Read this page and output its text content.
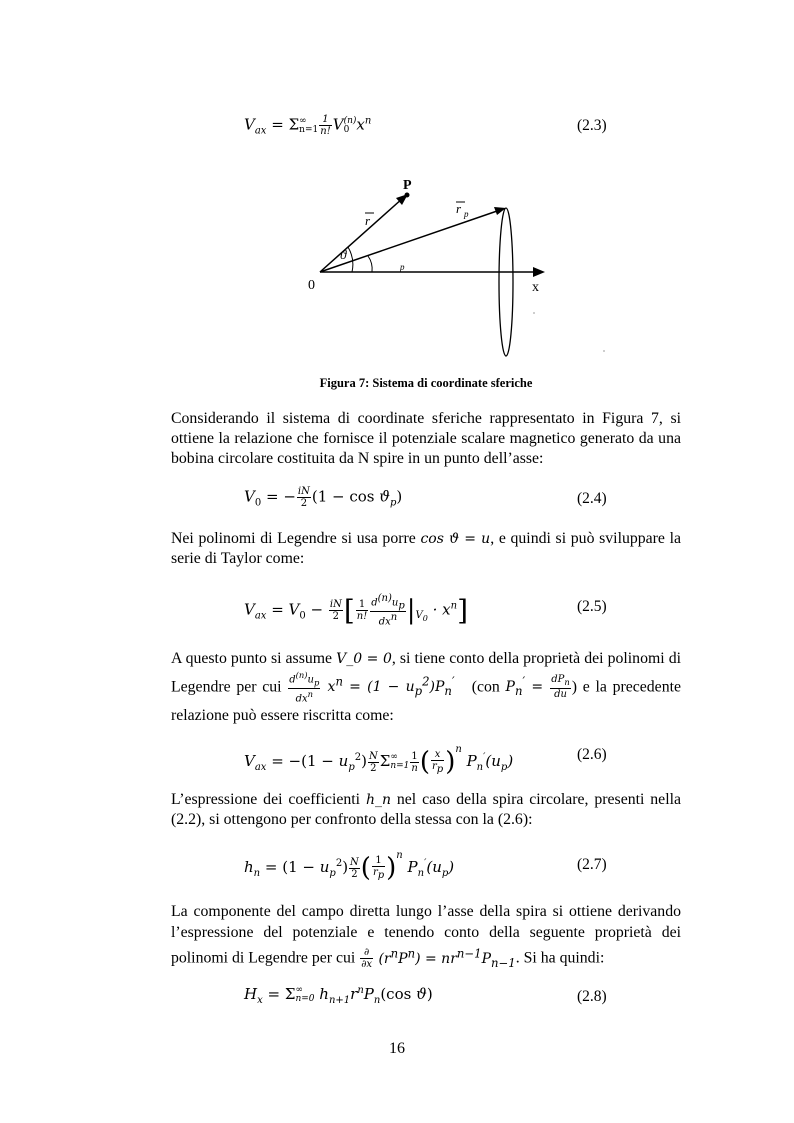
$V_{ax} = \Sigma$ ∞
$n=1 \frac{1}{n!}$ V (n)
0 $x^n$	(2.3)
P
r
r p
ϑ
p
0	x
Figura 7: Sistema di coordinate sferiche
Considerando il sistema di coordinate sferiche rappresentato in Figura 7, si ottiene la relazione che fornisce il potenziale scalare magnetico generato da una bobina circolare costituita da N spire in un punto dell’asse:
$V_0$ = − $\frac{iN}{2} (1 - \cos ϑ_p)$	(2.4)
Nei polinomi di Legendre si usa porre cos ϑ = u, e quindi si può sviluppare la serie di Taylor come:
$V_{ax} = V_0 - \frac{iN}{2}$ [ $\frac{1}{n!} \frac{d^{(n)}u_p}{dx^n} |_{V_0} \cdot x^n$]	(2.5)
A questo punto si assume V_0 = 0, si tiene conto della proprietà dei polinomi di Legendre per cui $\frac{d^{(n)}u_p}{dx^n} x^n = (1 - u_p^2)P_n'$ (con $P_n' = \frac{dP_n}{du}$ ) e la precedente relazione può essere riscritta come:
$V_{ax} = -(1 - u_p^2) \frac{N}{2}$ Σ ∞
$n=1 \frac{1}{n}$ ( $\frac{x}{r_p} )^n$ $P_n'(u_p)$	(2.6)
L’espressione dei coefficienti h_n nel caso della spira circolare, presenti nella (2.2), si ottengono per confronto della stessa con la (2.6):
$h_n = (1 - u_p^2) \frac{N}{2}$ ( $\frac{1}{r_p} )^n$ $P_n'(u_p)$	(2.7)
La componente del campo diretta lungo l’asse della spira si ottiene derivando l’espressione del potenziale e tenendo conto della seguente proprietà dei polinomi di Legendre per cui $\frac{\partial}{\partial x} (r^nP^n) = nr^{n-1}P_{n-1}$. Si ha quindi:
$H_x = \Sigma$ ∞
n=0 $h_{n+1}r^nP_n(\cos$ ϑ)	(2.8)
16
